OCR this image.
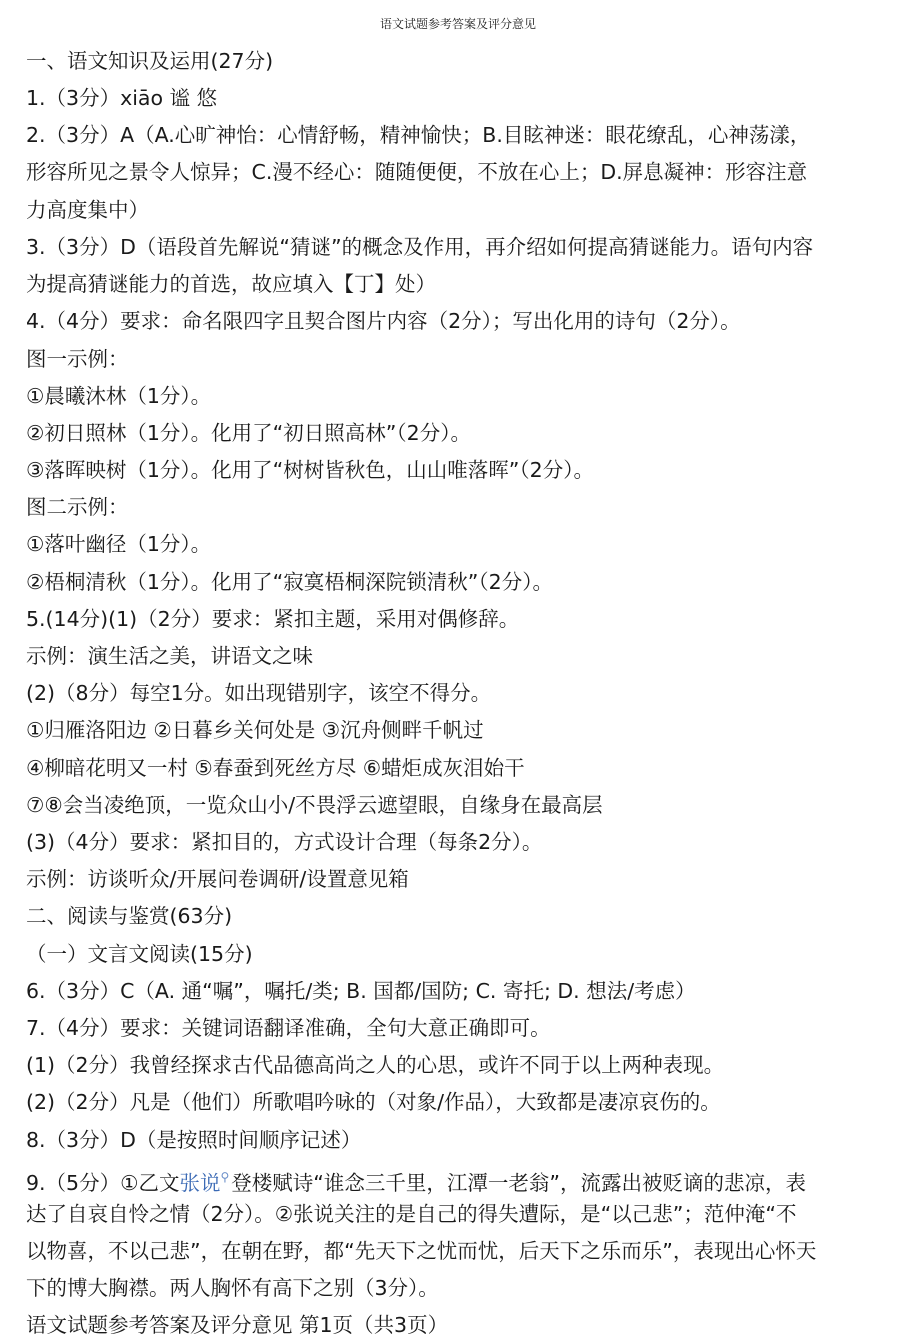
语文试题参考答案及评分意见
一、语文知识及运用(27分)
1.（3分）xiāo 谧 悠
2.（3分）A（A.心旷神怡：心情舒畅，精神愉快；B.目眩神迷：眼花缭乱，心神荡漾，
形容所见之景令人惊异；C.漫不经心：随随便便，不放在心上；D.屏息凝神：形容注意
力高度集中）
3.（3分）D（语段首先解说“猜谜”的概念及作用，再介绍如何提高猜谜能力。语句内容
为提高猜谜能力的首选，故应填入【丁】处）
4.（4分）要求：命名限四字且契合图片内容（2分）；写出化用的诗句（2分）。
图一示例：
①晨曦沐林（1分）。
②初日照林（1分）。化用了“初日照高林”（2分）。
③落晖映树（1分）。化用了“树树皆秋色，山山唯落晖”（2分）。
图二示例：
①落叶幽径（1分）。
②梧桐清秋（1分）。化用了“寂寞梧桐深院锁清秋”（2分）。
5.(14分)(1)（2分）要求：紧扣主题，采用对偶修辞。
示例：演生活之美，讲语文之味
(2)（8分）每空1分。如出现错别字，该空不得分。
①归雁洛阳边 ②日暮乡关何处是 ③沉舟侧畔千帆过
④柳暗花明又一村 ⑤春蚕到死丝方尽 ⑥蜡炬成灰泪始干
⑦⑧会当凌绝顶，一览众山小/不畏浮云遮望眼，自缘身在最高层
(3)（4分）要求：紧扣目的，方式设计合理（每条2分）。
示例：访谈听众/开展问卷调研/设置意见箱
二、阅读与鉴赏(63分)
（一）文言文阅读(15分)
6.（3分）C（A. 通“嘱”，嘱托/类; B. 国都/国防; C. 寄托; D. 想法/考虑）
7.（4分）要求：关键词语翻译准确，全句大意正确即可。
(1)（2分）我曾经探求古代品德高尚之人的心思，或许不同于以上两种表现。
(2)（2分）凡是（他们）所歌唱吟咏的（对象/作品），大致都是凄凉哀伤的。
8.（3分）D（是按照时间顺序记述）
9.（5分）①乙文张说⚲登楼赋诗“谁念三千里，江潭一老翁”，流露出被贬谪的悲凉，表
达了自哀自怜之情（2分）。②张说关注的是自己的得失遭际，是“以己悲”；范仲淹“不
以物喜，不以己悲”，在朝在野，都“先天下之忧而忧，后天下之乐而乐”，表现出心怀天
下的博大胸襟。两人胸怀有高下之别（3分）。
语文试题参考答案及评分意见 第1页（共3页）
